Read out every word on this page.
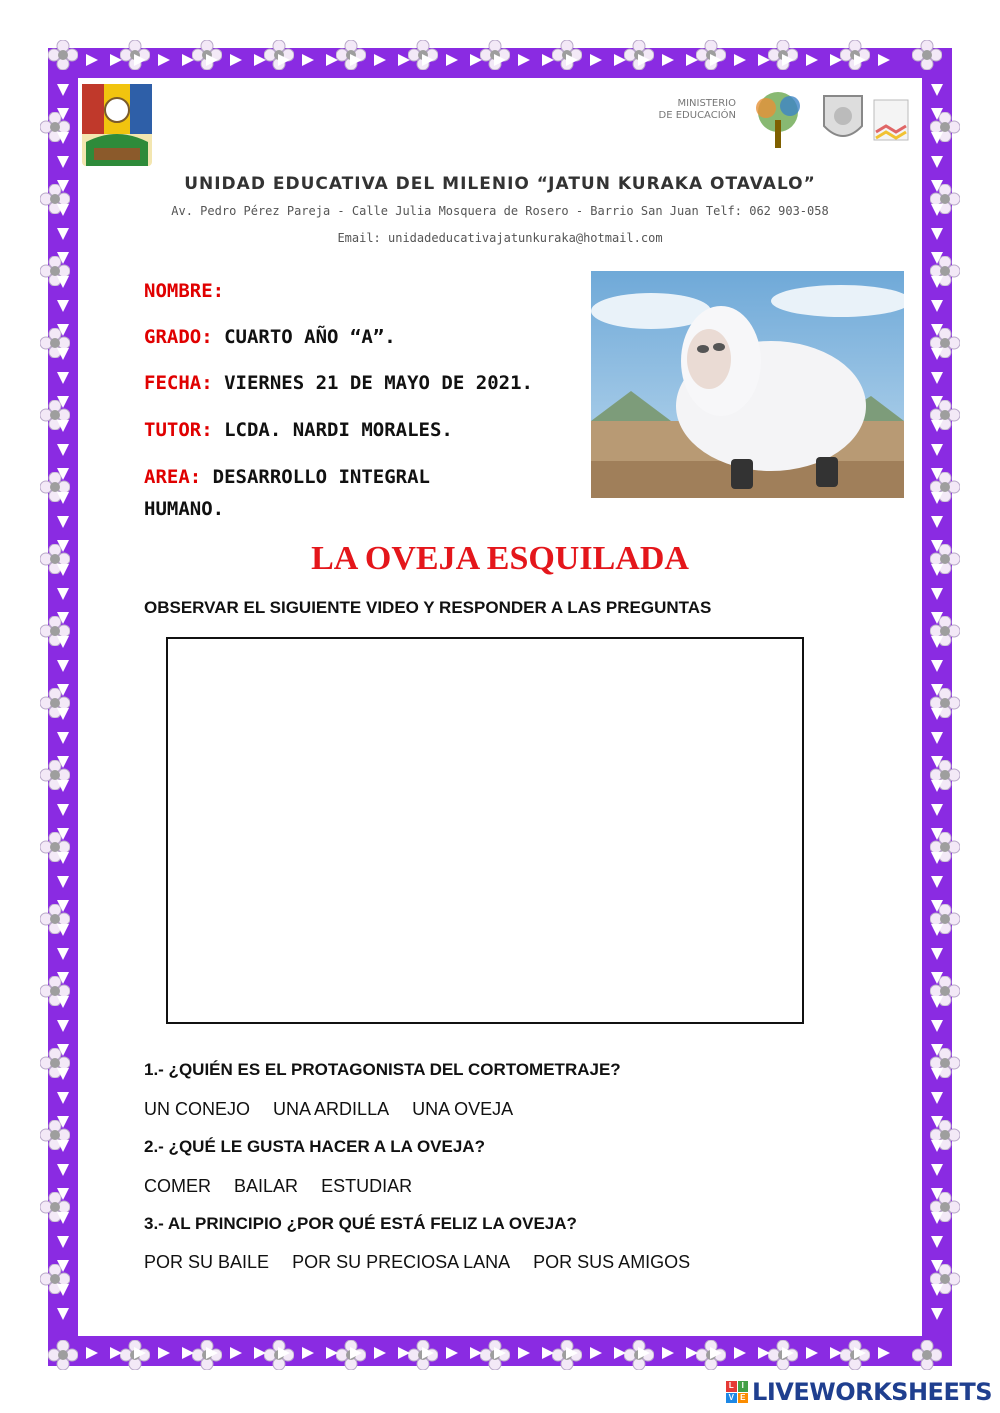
MINISTERIO
DE EDUCACIÓN
UNIDAD EDUCATIVA DEL MILENIO “JATUN KURAKA OTAVALO”
Av. Pedro Pérez Pareja - Calle Julia Mosquera de Rosero - Barrio San Juan Telf: 062 903-058
Email: unidadeducativajatunkuraka@hotmail.com
NOMBRE:
GRADO: CUARTO AÑO “A”.
FECHA: VIERNES 21 DE MAYO DE 2021.
TUTOR: LCDA. NARDI MORALES.
AREA: DESARROLLO INTEGRAL
HUMANO.
LA OVEJA ESQUILADA
OBSERVAR EL SIGUIENTE VIDEO Y RESPONDER A LAS PREGUNTAS
1.- ¿QUIÉN ES EL PROTAGONISTA DEL CORTOMETRAJE?
UN CONEJO UNA ARDILLA UNA OVEJA
2.- ¿QUÉ LE GUSTA HACER A LA OVEJA?
COMER BAILAR ESTUDIAR
3.- AL PRINCIPIO ¿POR QUÉ ESTÁ FELIZ LA OVEJA?
POR SU BAILE POR SU PRECIOSA LANA POR SUS AMIGOS
L I
V E LIVEWORKSHEETS
